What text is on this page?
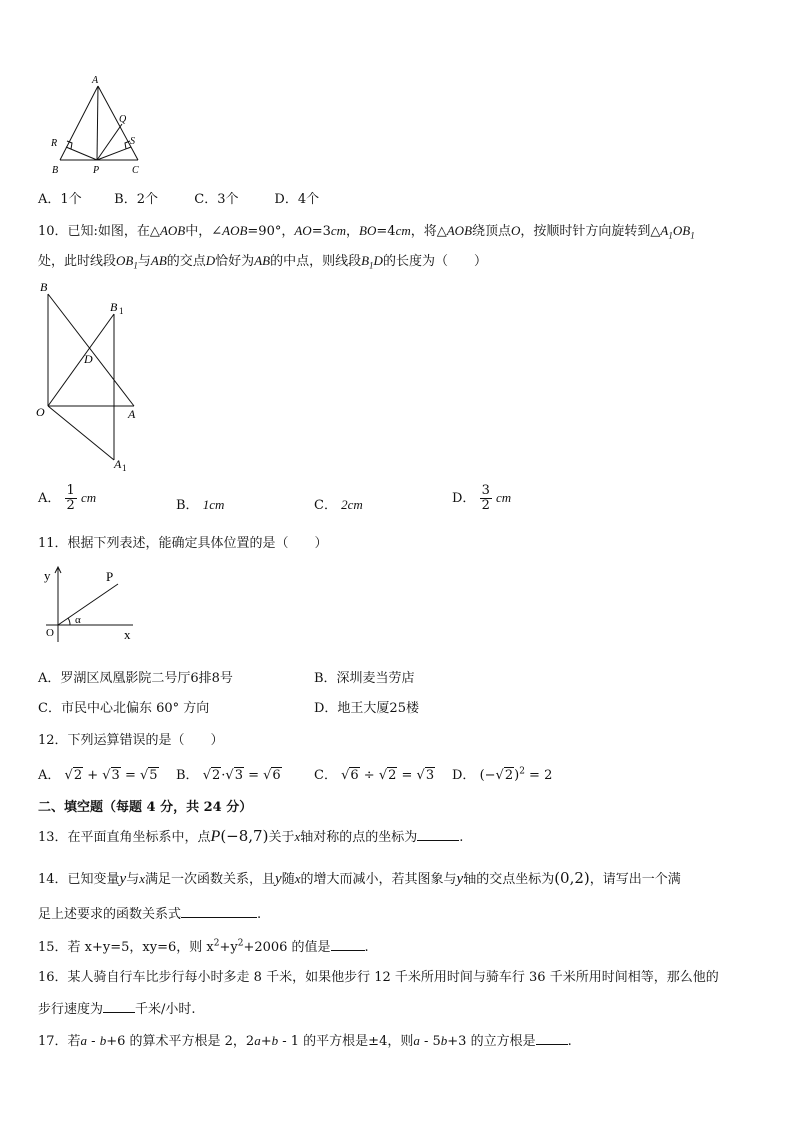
A
R
Q
S
B	P	C
A．1个 B．2个	C．3个	D．4个
10．已知:如图，在△AOB中，∠AOB=90°，AO=3cm，BO=4cm，将△AOB绕顶点O，按顺时针方向旋转到$\triangle A_1OB_1$
处，此时线段$OB_1$与AB的交点D恰好为AB的中点，则线段$B_1D$的长度为（　　）
B
B 1
D
O	A
A 1
A． $\frac{1}{2}$ cm
B． 1cm	C． 2cm	D． $\frac{3}{2}$ cm
11．根据下列表述，能确定具体位置的是（　　）
y	P
O
α
x
A．罗湖区凤凰影院二号厅6排8号	B．深圳麦当劳店
C．市民中心北偏东 60° 方向	D．地王大厦25楼
12．下列运算错误的是（　　）
A． √2 + √3 = √5 B． √2·√3 = √6	C． √6 ÷ √2 = √3 D． $(-√2)^2 = 2$
二、填空题（每题 4 分，共 24 分）
13．在平面直角坐标系中，点P(−8,7)关于x轴对称的点的坐标为	.
14．已知变量y与x满足一次函数关系，且y随x的增大而减小，若其图象与y轴的交点坐标为(0,2)，请写出一个满
足上述要求的函数关系式	.
15．若 x+y=5，xy=6，则 $x^2+y^2+2006$ 的值是	.
16．某人骑自行车比步行每小时多走 8 千米，如果他步行 12 千米所用时间与骑车行 36 千米所用时间相等，那么他的
步行速度为 千米/小时.
17．若a - b+6 的算术平方根是 2，2a+b - 1 的平方根是±4，则a - 5b+3 的立方根是 .
